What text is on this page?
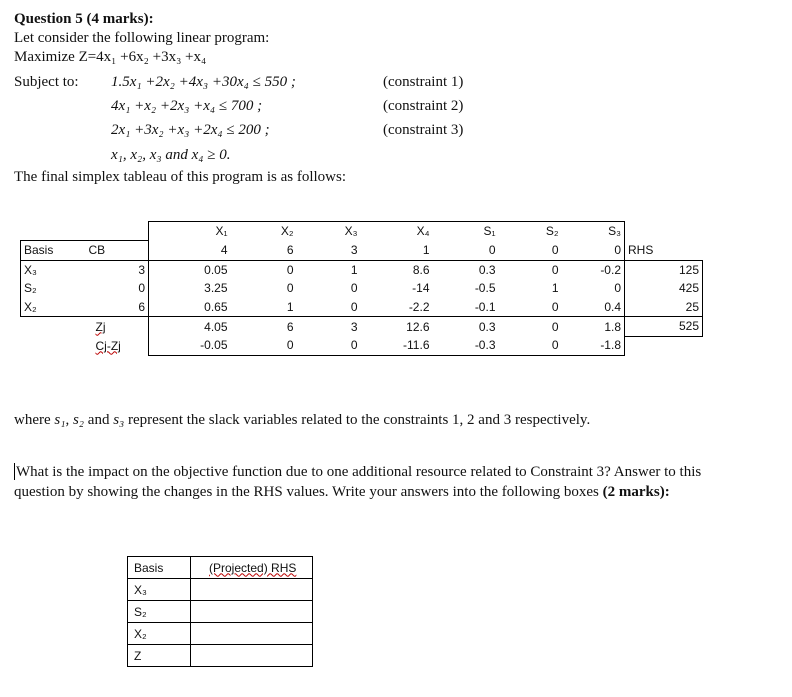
Question 5 (4 marks):
Let consider the following linear program:
Maximize Z=4x₁ +6x₂ +3x₃ +x₄
Subject to: 1.5x₁ +2x₂ +4x₃ +30x₄ ≤ 550 ;	(constraint 1)
4x₁ +x₂ +2x₃ +x₄ ≤ 700 ;	(constraint 2)
2x₁ +3x₂ +x₃ +2x₄ ≤ 200 ;	(constraint 3)
x₁, x₂, x₃ and x₄ ≥ 0.
The final simplex tableau of this program is as follows:
		X₁	X₂	X₃	X₄	S₁	S₂	S₃	
Basis	CB	4	6	3	1	0	0	0	RHS
X₃	3	0.05	0	1	8.6	0.3	0	-0.2	125
S₂	0	3.25	0	0	-14	-0.5	1	0	425
X₂	6	0.65	1	0	-2.2	-0.1	0	0.4	25
	Zj	4.05	6	3	12.6	0.3	0	1.8	525
	Cj-Zj	-0.05	0	0	-11.6	-0.3	0	-1.8	
where s₁, s₂ and s₃ represent the slack variables related to the constraints 1, 2 and 3 respectively.
What is the impact on the objective function due to one additional resource related to Constraint 3? Answer to this
question by showing the changes in the RHS values. Write your answers into the following boxes (2 marks):
Basis	(Projected) RHS
X₃	
S₂	
X₂	
Z	
